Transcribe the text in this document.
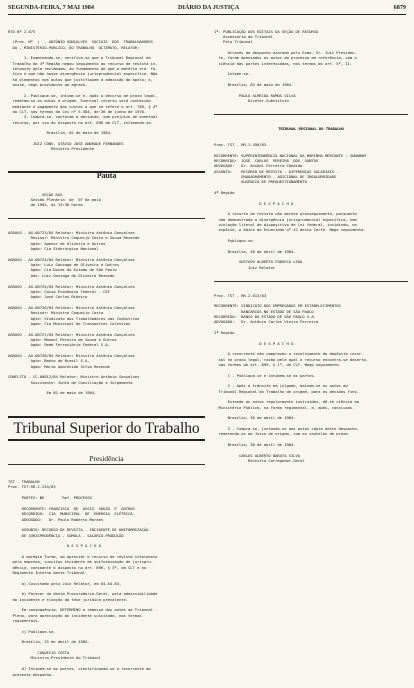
SEGUNDA-FEIRA, 7 MAI 1984	DIÁRIO DA JUSTIÇA	6879

RTO Nº 2.875

(Proc. Nº  )  - ANTÔNIO GONÇALVES  SOCIAIS  DOS  TRABALHADORES
DA , MINISTÉRIO-PÚBLICO, DO TRABALHO  ULTIMATO, RELATOR:

1. Examinando-se, verifica-se que o Tribunal Regional do
Trabalho da 4ª Região negou seguimento ao recurso de revista in-
terposto pela reclamada, ao fundamento de que a matéria era  fá-
tica e que não houve divergência jurisprudencial específica. Não
há elementos nos autos que justifiquem a admissão do apelo; e,
assim, nego provimento ao agravo.

2. Publique-se, intime-se e, após o decurso de prazo legal,
remetam-se os autos à origem. Eventual recurso será conhecido
mediante o pagamento das custas a que se refere o art. 789, § 4º
da CLT, nos termos da Lei nº 5.584, de 26 de junho de 1970.
3. Cumpra-se, conforme o decidido, sem prejuízo de eventual
recurso, por via do disposto no art. 896 da CLT, intimando-se.

Brasília, 02 de maio de 1984.

JUIZ CONV. OTÁVIO JOSÉ ANDRADE FERNANDES
Ministro-Presidente

Pauta

SEÇÃO DAS
Sessão Plenária  de  07 de maio
de 1984, às 13:30 horas

AGRAVO - AG-00723/84 Relator: Ministro Antônio Gonçalves
Revisor: Ministro Coqueijo Costa e Souza Rezende
Agte: Agenor de Oliveira e Outros
Agdo: Cia Siderúrgica Nacional

AGRAVO - AG-00724/84 Relator: Ministro Antônio Gonçalves
Agte: Luiz Gonzaga de Oliveira e Outros
Agdo: Cia Docas do Estado de São Paulo
Adv: Luiz Gonzaga de Oliveira Rezende

AGRAVO - AG-00725/84 Relator: Ministro Antônio Gonçalves
Agte: Caixa Econômica Federal - CEF
Agdo: José Carlos Ribeiro

AGRAVO - AG-00726/84 Relator: Ministro Antônio Gonçalves
Revisor: Ministro Coqueijo Costa
Agte: Sindicato dos Trabalhadores nas Indústrias
Agdo: Cia Municipal de Transportes Coletivos

AGRAVO - AG-00727/84 Relator: Ministro Antônio Gonçalves
Agte: Manoel Pereira de Souza e Outros
Agdo: Rede Ferroviária Federal S.A.

AGRAVO - AG-00728/84 Relator: Ministro Antônio Gonçalves
Agte: Banco do Brasil S.A.
Agdo: Maria Aparecida Silva Rezende

CONFLITO - CC-00012/84 Relator: Ministro Antônio Gonçalves
Suscitante: Junta de Conciliação e Julgamento

Em 02 de maio de 1984.

Tribunal Superior do Trabalho

Presidência

TST - TRABALHO
Proc. TST-RR-1.234/83

PARTES: NE        Ref. PROCESSO

RECORRENTE: FRANCISCO  DE  ASSIS  SOUZA  E  OUTROS
RECORRIDO:  CIA  MUNICIPAL  DE  ENERGIA  ELÉTRICA
ADVOGADO:   Dr. Paulo Roberto Moraes

ASSUNTO: RECURSO DE REVISTA - INCIDENTE DE UNIFORMIZAÇÃO
DE JURISPRUDÊNCIA - SÚMULA - SALÁRIO-PRODUÇÃO

D E S P A C H O

A egrégia Turma, ao apreciar o recurso de revista interposto
pela empresa, suscitou incidente de uniformização de jurispru-
dência, consoante o disposto no art. 896, § 3º, da CLT e no
Regimento Interno deste Tribunal.

a) Suscitado pelo Juiz Relator, em 04.04.84,

b) Parecer da douta Procuradoria-Geral, pela admissibilidade
do incidente e fixação da tese jurídica prevalente.

Em consequência, DETERMINO a remessa dos autos ao Tribunal
Pleno, para apreciação do incidente suscitado, nos termos
regimentais.

c) Publique-se.

Brasília, 25 de abril de 1984.

COQUEIJO COSTA
Ministro-Presidente do Tribunal

d) Intimem-se as partes, cientificando-se o recorrente do
presente despacho.

1ª. PUBLICAÇÃO DOS EDITAIS DA SEÇÃO DE RECURSO
Assessoria do Tribunal
Pelo Tribunal

Através do despacho exarado pelo Exmo. Sr. Juiz Presiden-
te, foram apensados os autos do processo em referência, com a
ciência das partes interessadas, nos termos do art. 5º, II.

Intime-se.

Brasília, 03 de maio de 1984.

PAULO ALMEIDA RAMOS SILVA
Diretor-Substituto

TRIBUNAL REGIONAL DO TRABALHO

Proc. TST - RR-1.456/83

RECORRENTE: SUPERINTENDÊNCIA NACIONAL DA MARINHA MERCANTE - SUNAMAM
RECORRIDO:  JOSÉ  CARLOS  PEREIRA  DOS  SANTOS
ADVOGADO:   Dr. Aníbal Ferreira Cândido
ASSUNTO:    RECURSO DE REVISTA - DIFERENÇAS SALARIAIS -
ENQUADRAMENTO - ADICIONAL DE INSALUBRIDADE
AUSÊNCIA DE PREQUESTIONAMENTO

4ª Região

D E S P A C H O

O recurso de revista não merece prosseguimento, porquanto
não demonstrada a divergência jurisprudencial específica, nem
violação literal de dispositivo de lei federal, incidindo, na
espécie, o óbice do Enunciado nº 42 desta Corte. Nego seguimento.

Publique-se.

Brasília, 30 de abril de 1984.

GUSTAVO ALBERTO FONSECA LEÃO
Juiz Relator

Proc. TST - RR-2.013/83

RECORRENTE: SINDICATO DOS EMPREGADOS EM ESTABELECIMENTOS
BANCÁRIOS NO ESTADO DE SÃO PAULO
RECORRIDO:  BANCO DO ESTADO DE SÃO PAULO S.A.
ADVOGADO:   Dr. Antônio Carlos Vieira Ferreira

2ª Região

D E S P A C H O

A recorrente não comprovou o recolhimento do depósito recur-
sal no prazo legal, razão pela qual o recurso encontra-se deserto,
nos termos do art. 899, § 1º, da CLT. Nego seguimento.

1 - Publique-se e intimem-se as partes.

2 - Após o trânsito em julgado, baixem-se os autos ao
Tribunal Regional do Trabalho de origem, para os devidos fins.

Estando os autos regularmente instruídos, dê-se ciência ao
Ministério Público, na forma regimental, e, após, conclusos.

Brasília, 30 de abril de 1984.

3 - Cumpra-se, juntando-se aos autos cópia deste despacho,
remetendo-se ao Juízo de origem, com as cautelas de praxe.

Brasília, 30 de abril de 1984.

CARLOS ALBERTO BARATA SILVA
Ministro Corregedor-Geral
